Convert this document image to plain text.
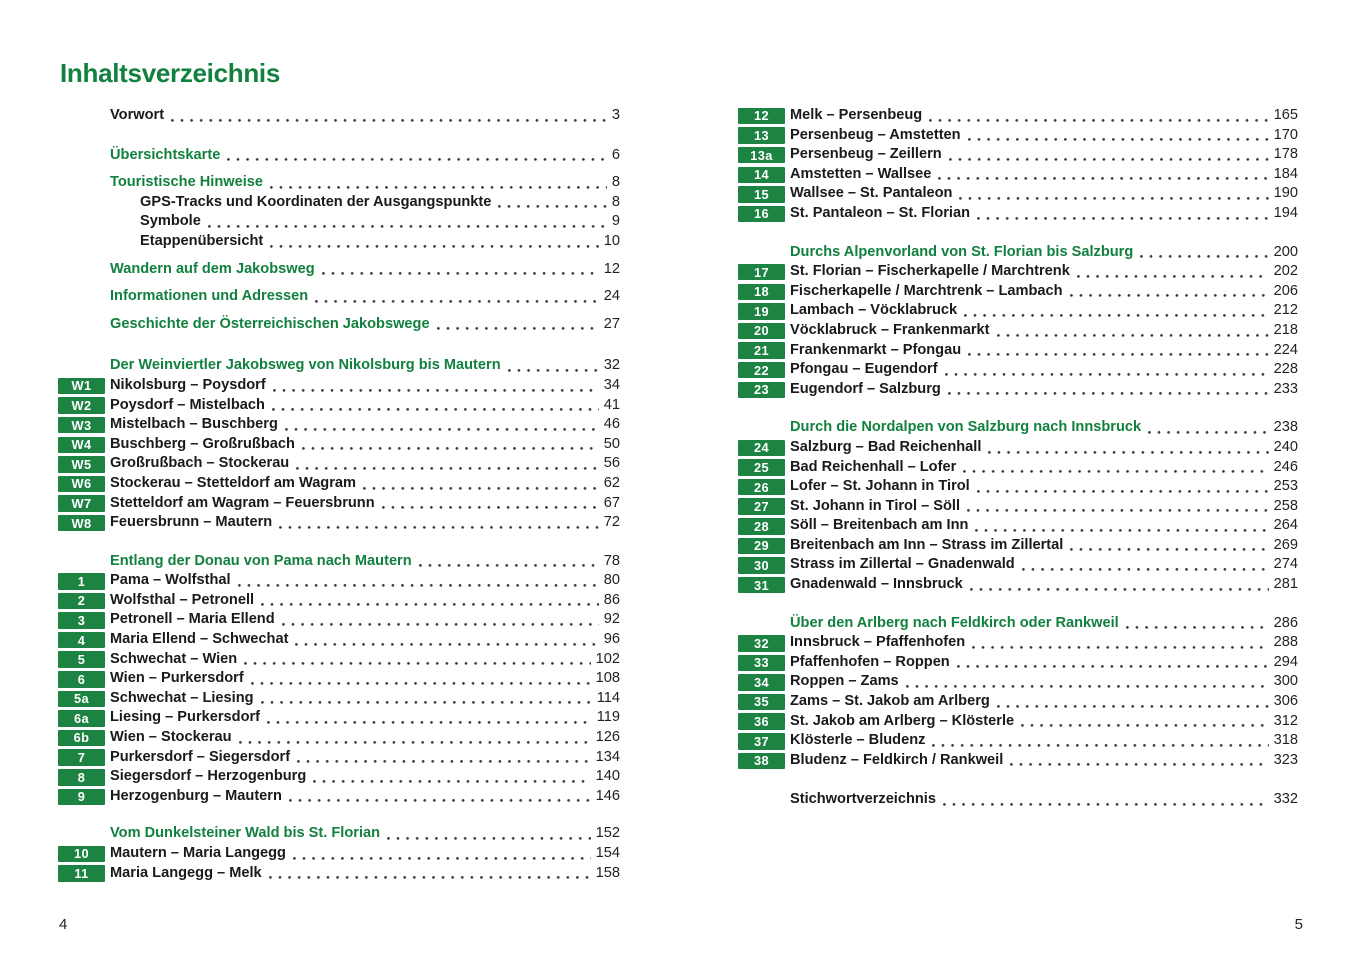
Inhaltsverzeichnis
Vorwort	3
Übersichtskarte	6
Touristische Hinweise	8
GPS-Tracks und Koordinaten der Ausgangspunkte	8
Symbole	9
Etappenübersicht	10
Wandern auf dem Jakobsweg	12
Informationen und Adressen	24
Geschichte der Österreichischen Jakobswege	27
Der Weinviertler Jakobsweg von Nikolsburg bis Mautern	32
W1	Nikolsburg – Poysdorf	34
W2	Poysdorf – Mistelbach	41
W3	Mistelbach – Buschberg	46
W4	Buschberg – Großrußbach	50
W5	Großrußbach – Stockerau	56
W6	Stockerau – Stetteldorf am Wagram	62
W7	Stetteldorf am Wagram – Feuersbrunn	67
W8	Feuersbrunn – Mautern	72
Entlang der Donau von Pama nach Mautern	78
1	Pama – Wolfsthal	80
2	Wolfsthal – Petronell	86
3	Petronell – Maria Ellend	92
4	Maria Ellend – Schwechat	96
5	Schwechat – Wien	102
6	Wien – Purkersdorf	108
5a	Schwechat – Liesing	114
6a	Liesing – Purkersdorf	119
6b	Wien – Stockerau	126
7	Purkersdorf – Siegersdorf	134
8	Siegersdorf – Herzogenburg	140
9	Herzogenburg – Mautern	146
Vom Dunkelsteiner Wald bis St. Florian	152
10	Mautern – Maria Langegg	154
11	Maria Langegg – Melk	158
12	Melk – Persenbeug	165
13	Persenbeug – Amstetten	170
13a	Persenbeug – Zeillern	178
14	Amstetten – Wallsee	184
15	Wallsee – St. Pantaleon	190
16	St. Pantaleon – St. Florian	194
Durchs Alpenvorland von St. Florian bis Salzburg	200
17	St. Florian – Fischerkapelle / Marchtrenk	202
18	Fischerkapelle / Marchtrenk – Lambach	206
19	Lambach – Vöcklabruck	212
20	Vöcklabruck – Frankenmarkt	218
21	Frankenmarkt – Pfongau	224
22	Pfongau – Eugendorf	228
23	Eugendorf – Salzburg	233
Durch die Nordalpen von Salzburg nach Innsbruck	238
24	Salzburg – Bad Reichenhall	240
25	Bad Reichenhall – Lofer	246
26	Lofer – St. Johann in Tirol	253
27	St. Johann in Tirol – Söll	258
28	Söll – Breitenbach am Inn	264
29	Breitenbach am Inn – Strass im Zillertal	269
30	Strass im Zillertal – Gnadenwald	274
31	Gnadenwald – Innsbruck	281
Über den Arlberg nach Feldkirch oder Rankweil	286
32	Innsbruck – Pfaffenhofen	288
33	Pfaffenhofen – Roppen	294
34	Roppen – Zams	300
35	Zams – St. Jakob am Arlberg	306
36	St. Jakob am Arlberg – Klösterle	312
37	Klösterle – Bludenz	318
38	Bludenz – Feldkirch / Rankweil	323
Stichwortverzeichnis	332
4	5
